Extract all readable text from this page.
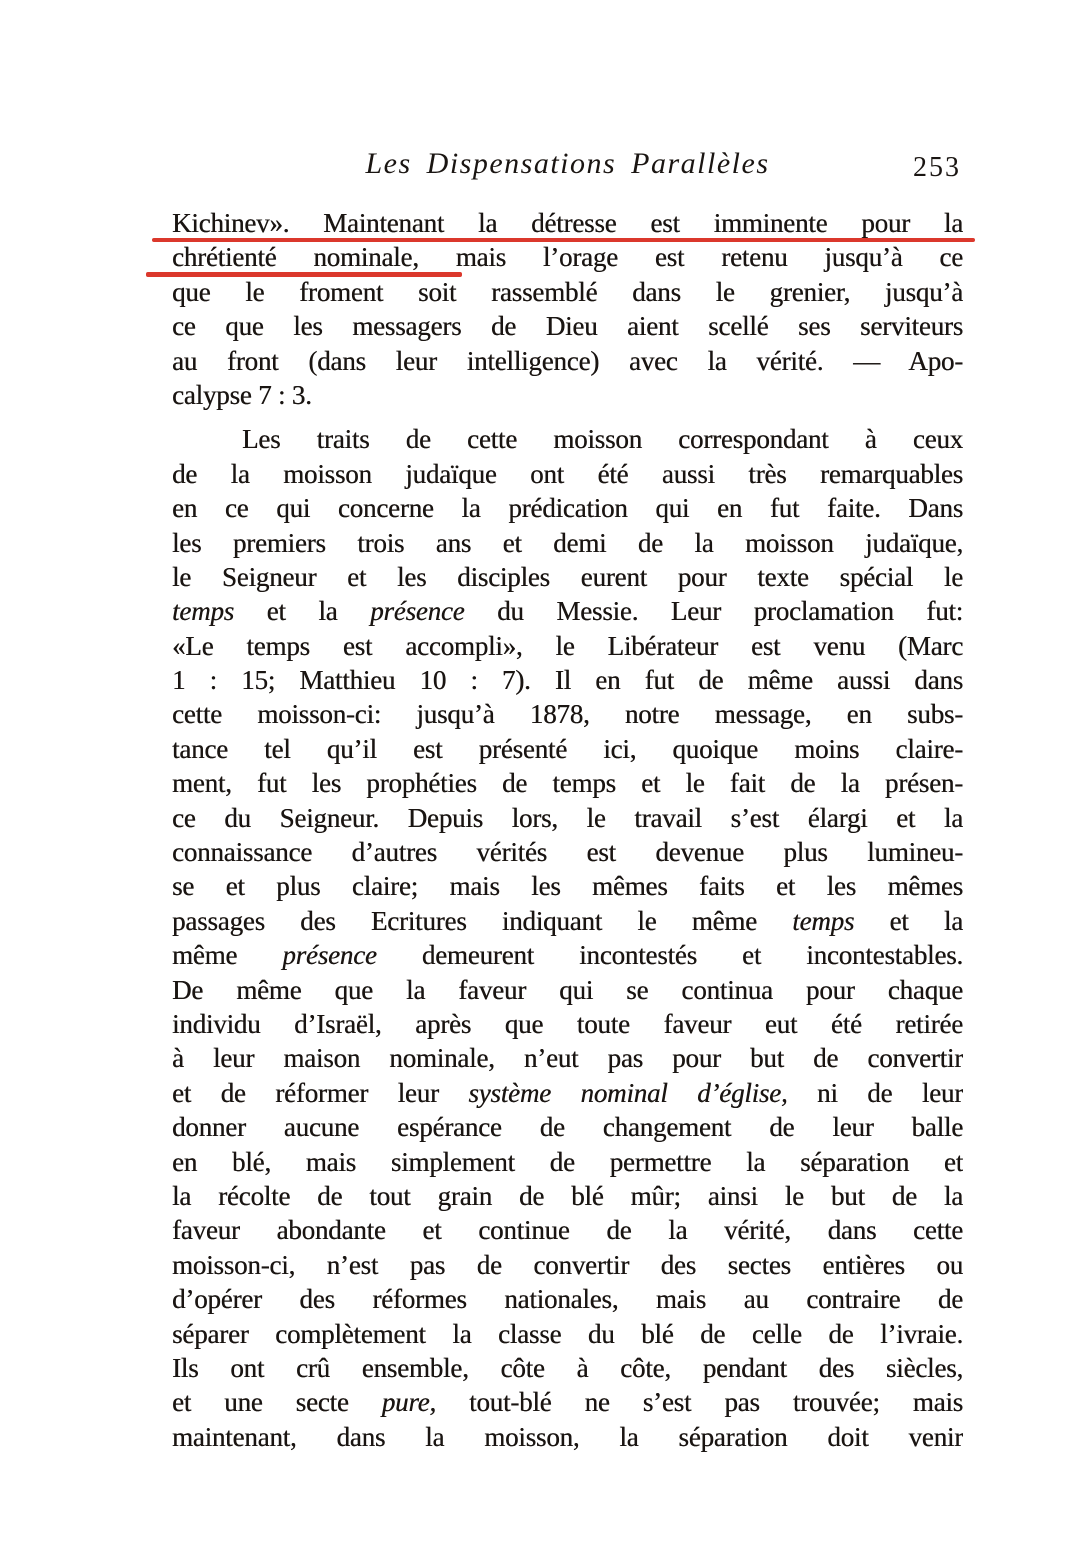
Les Dispensations Parallèles	253
Kichinev». Maintenant la détresse est imminente pour la
chrétienté nominale, mais l’orage est retenu jusqu’à ce
que le froment soit rassemblé dans le grenier, jusqu’à
ce que les messagers de Dieu aient scellé ses serviteurs
au front (dans leur intelligence) avec la vérité. — Apo-
calypse 7 : 3.
Les traits de cette moisson correspondant à ceux
de la moisson judaïque ont été aussi très remarquables
en ce qui concerne la prédication qui en fut faite. Dans
les premiers trois ans et demi de la moisson judaïque,
le Seigneur et les disciples eurent pour texte spécial le
temps et la présence du Messie. Leur proclamation fut:
«Le temps est accompli», le Libérateur est venu (Marc
1 : 15; Matthieu 10 : 7). Il en fut de même aussi dans
cette moisson-ci: jusqu’à 1878, notre message, en subs-
tance tel qu’il est présenté ici, quoique moins claire-
ment, fut les prophéties de temps et le fait de la présen-
ce du Seigneur. Depuis lors, le travail s’est élargi et la
connaissance d’autres vérités est devenue plus lumineu-
se et plus claire; mais les mêmes faits et les mêmes
passages des Ecritures indiquant le même temps et la
même présence demeurent incontestés et incontestables.
De même que la faveur qui se continua pour chaque
individu d’Israël, après que toute faveur eut été retirée
à leur maison nominale, n’eut pas pour but de convertir
et de réformer leur système nominal d’église, ni de leur
donner aucune espérance de changement de leur balle
en blé, mais simplement de permettre la séparation et
la récolte de tout grain de blé mûr; ainsi le but de la
faveur abondante et continue de la vérité, dans cette
moisson-ci, n’est pas de convertir des sectes entières ou
d’opérer des réformes nationales, mais au contraire de
séparer complètement la classe du blé de celle de l’ivraie.
Ils ont crû ensemble, côte à côte, pendant des siècles,
et une secte pure, tout-blé ne s’est pas trouvée; mais
maintenant, dans la moisson, la séparation doit venir
